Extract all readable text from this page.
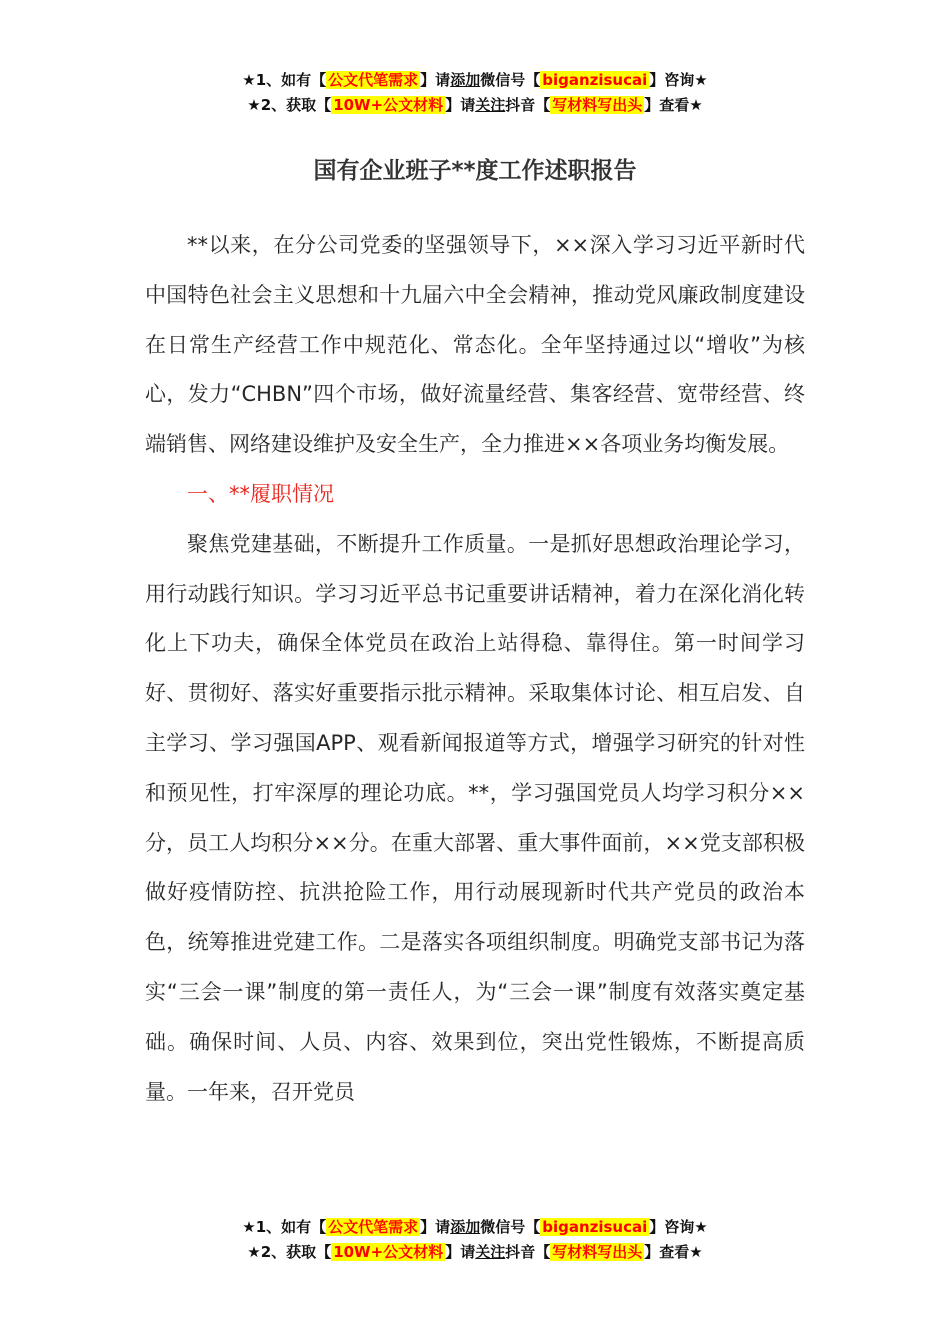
★1、如有【 公文代笔需求 】请添加微信号【 biganzisucai 】咨询★
★2、获取【 10W+公文材料 】请关注抖音【 写材料写出头 】查看★
国有企业班子**度工作述职报告

**以来，在分公司党委的坚强领导下，××深入学习习近平新时代中国特色社会主义思想和十九届六中全会精神，推动党风廉政制度建设在日常生产经营工作中规范化、常态化。全年坚持通过以“增收”为核心，发力“CHBN”四个市场，做好流量经营、集客经营、宽带经营、终端销售、网络建设维护及安全生产，全力推进××各项业务均衡发展。

一、**履职情况

聚焦党建基础，不断提升工作质量。一是抓好思想政治理论学习，用行动践行知识。学习习近平总书记重要讲话精神，着力在深化消化转化上下功夫，确保全体党员在政治上站得稳、靠得住。第一时间学习好、贯彻好、落实好重要指示批示精神。采取集体讨论、相互启发、自主学习、学习强国APP、观看新闻报道等方式，增强学习研究的针对性和预见性，打牢深厚的理论功底。**，学习强国党员人均学习积分××分，员工人均积分××分。在重大部署、重大事件面前，××党支部积极做好疫情防控、抗洪抢险工作，用行动展现新时代共产党员的政治本色，统筹推进党建工作。二是落实各项组织制度。明确党支部书记为落实“三会一课”制度的第一责任人，为“三会一课”制度有效落实奠定基础。确保时间、人员、内容、效果到位，突出党性锻炼，不断提高质量。一年来，召开党员

★1、如有【 公文代笔需求 】请添加微信号【 biganzisucai 】咨询★
★2、获取【 10W+公文材料 】请关注抖音【 写材料写出头 】查看★
